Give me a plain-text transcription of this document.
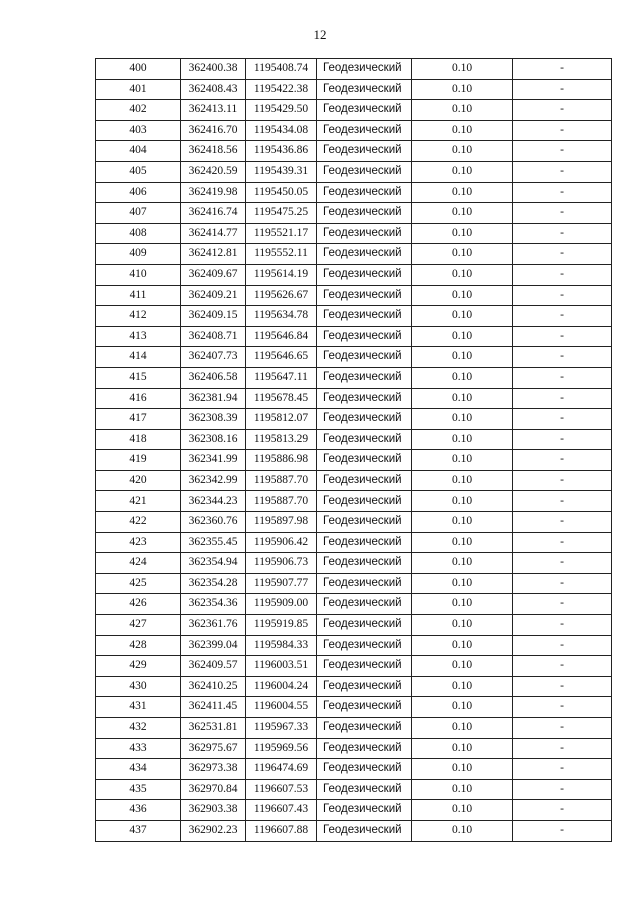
12
400	362400.38	1195408.74	Геодезический	0.10	-
401	362408.43	1195422.38	Геодезический	0.10	-
402	362413.11	1195429.50	Геодезический	0.10	-
403	362416.70	1195434.08	Геодезический	0.10	-
404	362418.56	1195436.86	Геодезический	0.10	-
405	362420.59	1195439.31	Геодезический	0.10	-
406	362419.98	1195450.05	Геодезический	0.10	-
407	362416.74	1195475.25	Геодезический	0.10	-
408	362414.77	1195521.17	Геодезический	0.10	-
409	362412.81	1195552.11	Геодезический	0.10	-
410	362409.67	1195614.19	Геодезический	0.10	-
411	362409.21	1195626.67	Геодезический	0.10	-
412	362409.15	1195634.78	Геодезический	0.10	-
413	362408.71	1195646.84	Геодезический	0.10	-
414	362407.73	1195646.65	Геодезический	0.10	-
415	362406.58	1195647.11	Геодезический	0.10	-
416	362381.94	1195678.45	Геодезический	0.10	-
417	362308.39	1195812.07	Геодезический	0.10	-
418	362308.16	1195813.29	Геодезический	0.10	-
419	362341.99	1195886.98	Геодезический	0.10	-
420	362342.99	1195887.70	Геодезический	0.10	-
421	362344.23	1195887.70	Геодезический	0.10	-
422	362360.76	1195897.98	Геодезический	0.10	-
423	362355.45	1195906.42	Геодезический	0.10	-
424	362354.94	1195906.73	Геодезический	0.10	-
425	362354.28	1195907.77	Геодезический	0.10	-
426	362354.36	1195909.00	Геодезический	0.10	-
427	362361.76	1195919.85	Геодезический	0.10	-
428	362399.04	1195984.33	Геодезический	0.10	-
429	362409.57	1196003.51	Геодезический	0.10	-
430	362410.25	1196004.24	Геодезический	0.10	-
431	362411.45	1196004.55	Геодезический	0.10	-
432	362531.81	1195967.33	Геодезический	0.10	-
433	362975.67	1195969.56	Геодезический	0.10	-
434	362973.38	1196474.69	Геодезический	0.10	-
435	362970.84	1196607.53	Геодезический	0.10	-
436	362903.38	1196607.43	Геодезический	0.10	-
437	362902.23	1196607.88	Геодезический	0.10	-
